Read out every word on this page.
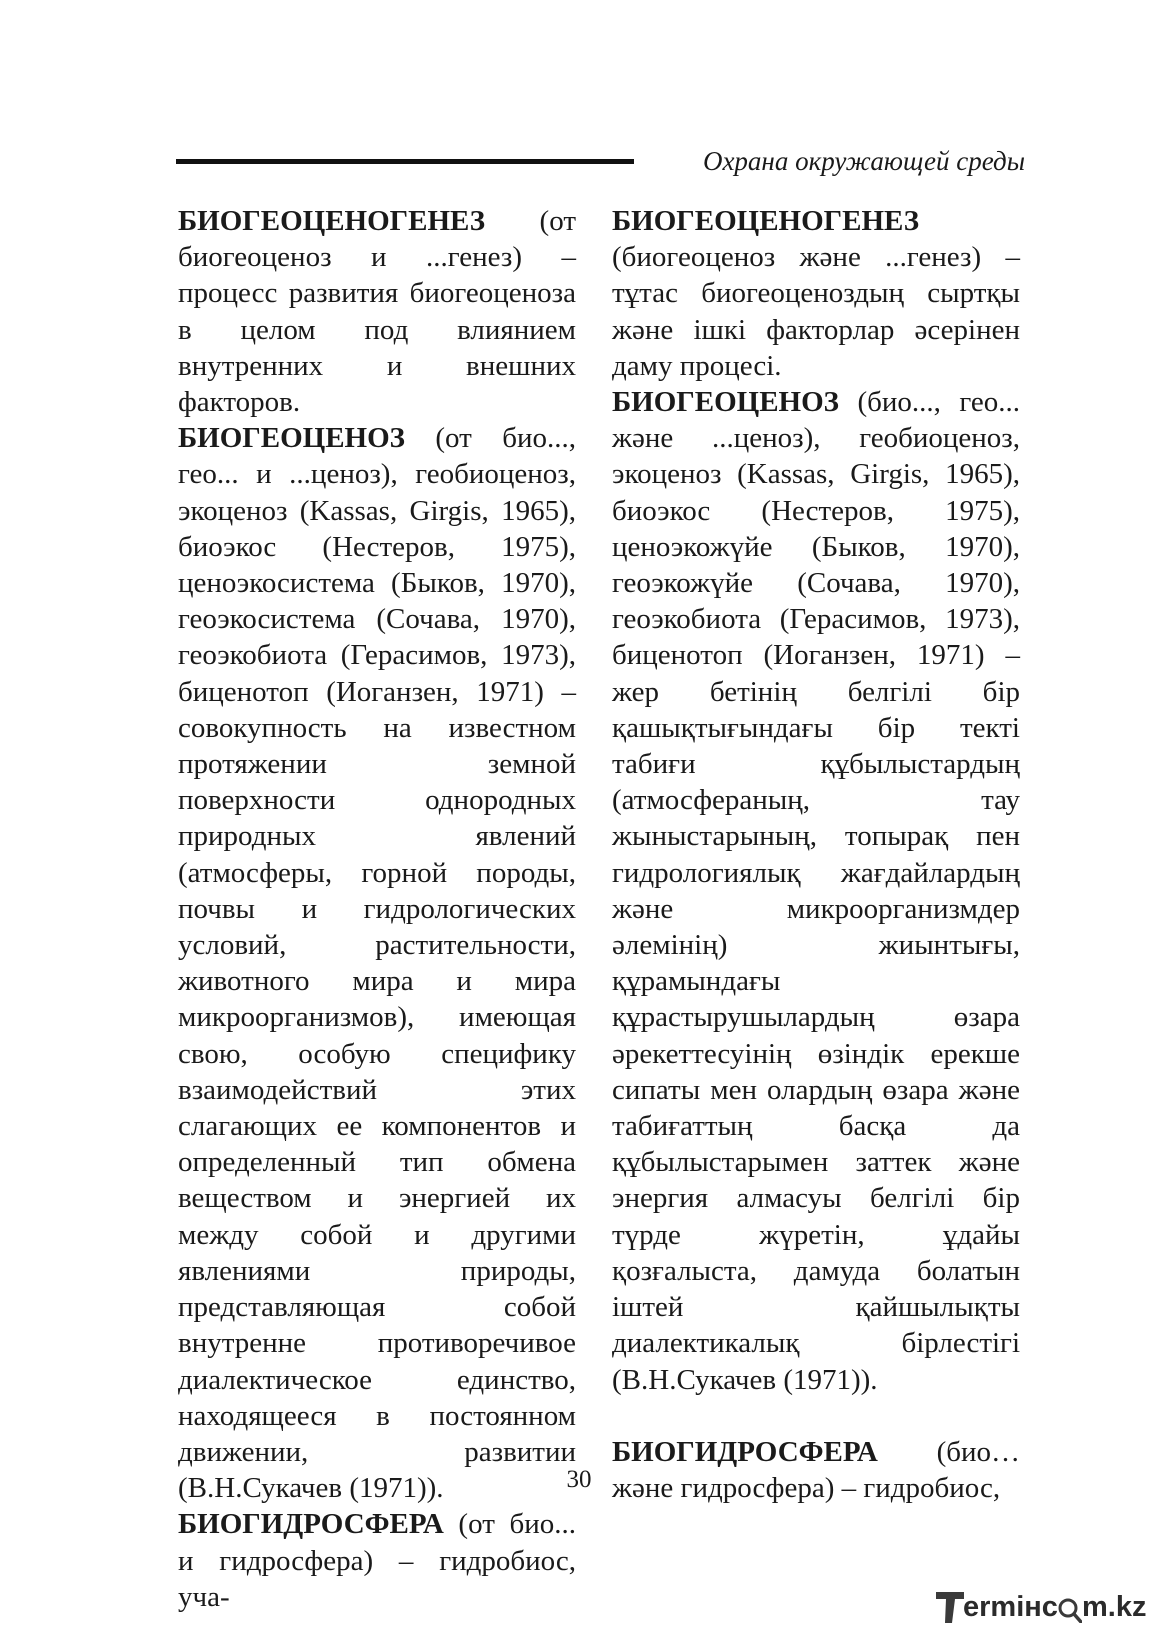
Охрана окружающей среды

БИОГЕОЦЕНОГЕНЕЗ (от биогеоценоз и ...генез) – процесс развития биогеоценоза в целом под влиянием внутренних и внешних факторов.

БИОГЕОЦЕНОЗ (от био..., гео... и ...ценоз), геобиоценоз, экоценоз (Kassas, Girgis, 1965), биоэкос (Нестеров, 1975), ценоэкосистема (Быков, 1970), геоэкосистема (Сочава, 1970), геоэкобиота (Герасимов, 1973), биценотоп (Иоганзен, 1971) – совокупность на известном протяжении земной поверхности однородных природных явлений (атмосферы, горной породы, почвы и гидрологических условий, растительности, животного мира и мира микроорганизмов), имеющая свою, особую специфику взаимодействий этих слагающих ее компонентов и определенный тип обмена веществом и энергией их между собой и другими явлениями природы, представляющая собой внутренне противоречивое диалектическое единство, находящееся в постоянном движении, развитии (В.Н.Сукачев (1971)).

БИОГИДРОСФЕРА (от био... и гидросфера) – гидробиос, уча-

БИОГЕОЦЕНОГЕНЕЗ (биогеоценоз және ...генез) – тұтас биогеоценоздың сыртқы және ішкі факторлар әсерінен даму процесі.

БИОГЕОЦЕНОЗ (био..., гео... және ...ценоз), геобиоценоз, экоценоз (Kassas, Girgis, 1965), биоэкос (Нестеров, 1975), ценоэкожүйе (Быков, 1970), геоэкожүйе (Сочава, 1970), геоэкобиота (Герасимов, 1973), биценотоп (Иоганзен, 1971) – жер бетінің белгілі бір қашықтығындағы бір текті табиғи құбылыстардың (атмосфераның, тау жыныстарының, топырақ пен гидрологиялық жағдайлардың және микроорганизмдер әлемінің) жиынтығы, құрамындағы құрастырушылардың өзара әрекеттесуінің өзіндік ерекше сипаты мен олардың өзара және табиғаттың басқа да құбылыстарымен заттек және энергия алмасуы белгілі бір түрде жүретін, ұдайы қозғалыста, дамуда болатын іштей қайшылықты диалектикалық бірлестігі (В.Н.Сукачев (1971)).

БИОГИДРОСФЕРА (био… және гидросфера) – гидробиос,

30
ermінc m.kz
